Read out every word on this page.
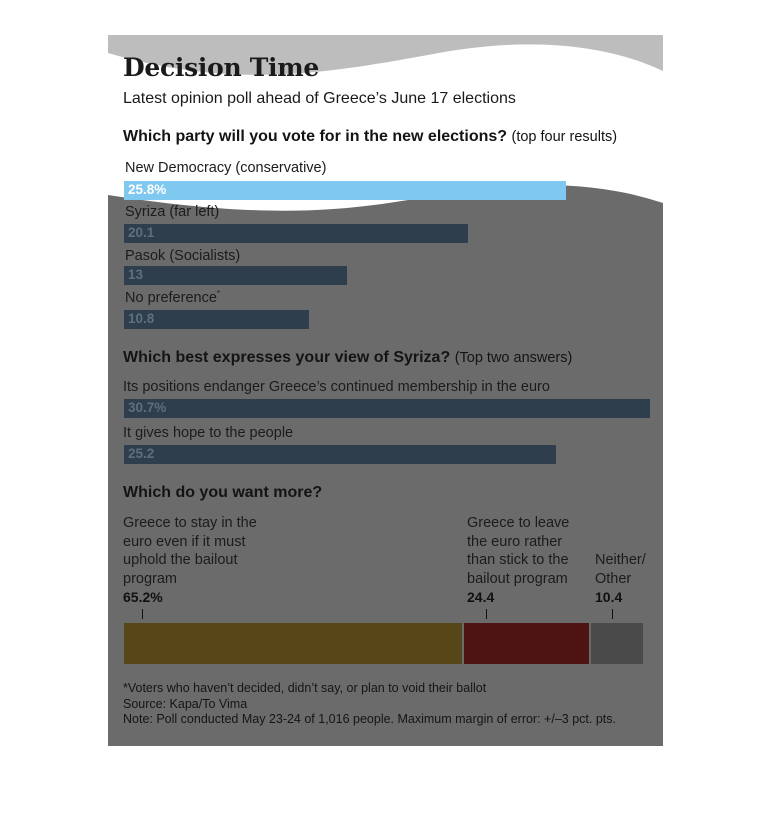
Decision Time
Latest opinion poll ahead of Greece’s June 17 elections
Which party will you vote for in the new elections? (top four results)
New Democracy (conservative)
25.8%
Syriza (far left)
20.1
Pasok (Socialists)
13
No preference*
10.8
Which best expresses your view of Syriza? (Top two answers)
Its positions endanger Greece’s continued membership in the euro
30.7%
It gives hope to the people
25.2
Which do you want more?
Greece to stay in the euro even if it must uphold the bailout program
65.2%
Greece to leave the euro rather than stick to the bailout program
24.4
Neither/ Other
10.4
*Voters who haven’t decided, didn’t say, or plan to void their ballot
Source: Kapa/To Vima
Note: Poll conducted May 23-24 of 1,016 people. Maximum margin of error: +/–3 pct. pts.
